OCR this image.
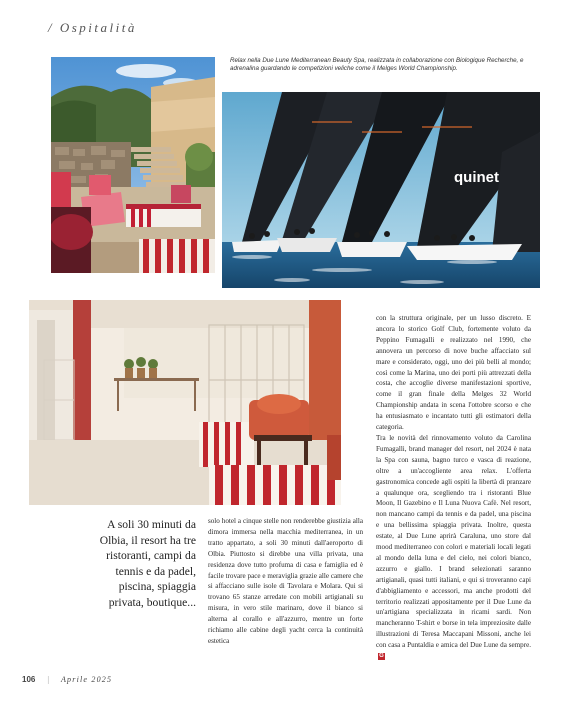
/ Ospitalità
Relax nella Due Lune Mediterranean Beauty Spa, realizzata in collaborazione con Biologique Recherche, e adrenalina guardando le competizioni veliche come il Melges World Championship.
quinet

con la struttura originale, per un lusso discreto. E ancora lo storico Golf Club, fortemente voluto da Peppino Fumagalli e realizzato nel 1990, che annovera un percorso di nove buche affacciato sul mare e considerato, oggi, uno dei più belli al mondo; così come la Marina, uno dei porti più attrezzati della costa, che accoglie diverse manifestazioni sportive, come il gran finale della Melges 32 World Championship andata in scena l'ottobre scorso e che ha entusiasmato e incantato tutti gli estimatori della categoria.

Tra le novità del rinnovamento voluto da Carolina Fumagalli, brand manager del resort, nel 2024 è nata la Spa con sauna, bagno turco e vasca di reazione, oltre a un'accogliente area relax. L'offerta gastronomica concede agli ospiti la libertà di pranzare a qualunque ora, scegliendo tra i ristoranti Blue Moon, Il Gazebino e Il Luna Nuova Cafè. Nel resort, non mancano campi da tennis e da padel, una piscina e una bellissima spiaggia privata. Inoltre, questa estate, al Due Lune aprirà Caraluna, uno store dal mood mediterraneo con colori e materiali locali legati al mondo della luna e del cielo, nei colori bianco, azzurro e giallo. I brand selezionati saranno artigianali, quasi tutti italiani, e qui si troveranno capi d'abbigliamento e accessori, ma anche prodotti del territorio realizzati appositamente per il Due Lune da un'artigiana specializzata in ricami sardi. Non mancheranno T-shirt e borse in tela impreziosite dalle illustrazioni di Teresa Maccapani Missoni, anche lei con casa a Puntaldia e amica del Due Lune da sempre.G

A soli 30 minuti da Olbia, il resort ha tre ristoranti, campi da tennis e da padel, piscina, spiaggia privata, boutique...

solo hotel a cinque stelle non renderebbe giustizia alla dimora immersa nella macchia mediterranea, in un tratto appartato, a soli 30 minuti dall'aeroporto di Olbia. Piuttosto si direbbe una villa privata, una residenza dove tutto profuma di casa e famiglia ed è facile trovare pace e meraviglia grazie alle camere che si affacciano sulle isole di Tavolara e Molara. Qui si trovano 65 stanze arredate con mobili artigianali su misura, in vero stile marinaro, dove il bianco si alterna al corallo e all'azzurro, mentre un forte richiamo alle cabine degli yacht cerca la continuità estetica

106 | Aprile 2025
